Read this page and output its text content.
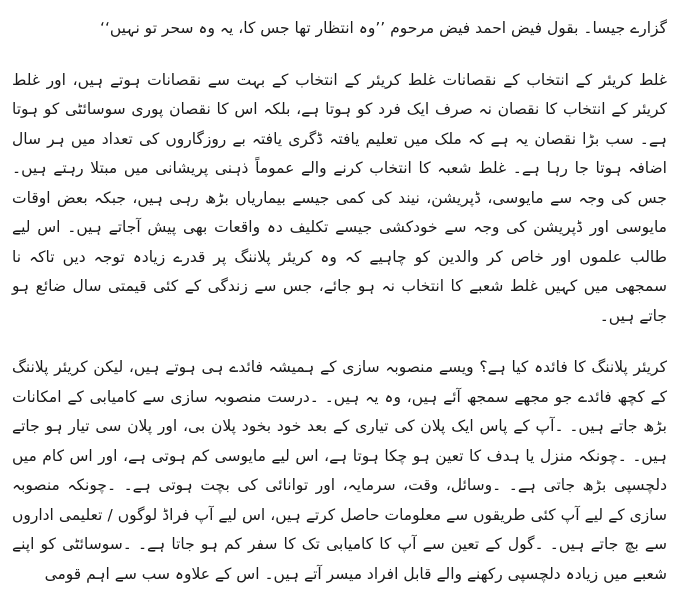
گزارے جیسا۔ بقول فیض احمد فیض مرحوم ’’وہ انتظار تھا جس کا، یہ وہ سحر تو نہیں‘‘

غلط کریئر کے انتخاب کے نقصانات غلط کریئر کے انتخاب کے بہت سے نقصانات ہوتے ہیں، اور غلط کریئر کے انتخاب کا نقصان نہ صرف ایک فرد کو ہوتا ہے، بلکہ اس کا نقصان پوری سوسائٹی کو ہوتا ہے۔ سب بڑا نقصان یہ ہے کہ ملک میں تعلیم یافتہ ڈگری یافتہ بے روزگاروں کی تعداد میں ہر سال اضافہ ہوتا جا رہا ہے۔ غلط شعبہ کا انتخاب کرنے والے عموماً ذہنی پریشانی میں مبتلا رہتے ہیں۔ جس کی وجہ سے مایوسی، ڈپریشن، نیند کی کمی جیسے بیماریاں بڑھ رہی ہیں، جبکہ بعض اوقات مایوسی اور ڈپریشن کی وجہ سے خودکشی جیسے تکلیف دہ واقعات بھی پیش آجاتے ہیں۔ اس لیے طالب علموں اور خاص کر والدین کو چاہیے کہ وہ کریئر پلاننگ پر قدرے زیادہ توجہ دیں تاکہ نا سمجھی میں کہیں غلط شعبے کا انتخاب نہ ہو جائے، جس سے زندگی کے کئی قیمتی سال ضائع ہو جاتے ہیں۔

کریئر پلاننگ کا فائدہ کیا ہے؟ ویسے منصوبہ سازی کے ہمیشہ فائدے ہی ہوتے ہیں، لیکن کریئر پلاننگ کے کچھ فائدے جو مجھے سمجھ آئے ہیں، وہ یہ ہیں۔ ۔درست منصوبہ سازی سے کامیابی کے امکانات بڑھ جاتے ہیں۔ ۔آپ کے پاس ایک پلان کی تیاری کے بعد خود بخود پلان بی، اور پلان سی تیار ہو جاتے ہیں۔ ۔چونکہ منزل یا ہدف کا تعین ہو چکا ہوتا ہے، اس لیے مایوسی کم ہوتی ہے، اور اس کام میں دلچسپی بڑھ جاتی ہے۔ ۔وسائل، وقت، سرمایہ، اور توانائی کی بچت ہوتی ہے۔ ۔چونکہ منصوبہ سازی کے لیے آپ کئی طریقوں سے معلومات حاصل کرتے ہیں، اس لیے آپ فراڈ لوگوں / تعلیمی اداروں سے بچ جاتے ہیں۔ ۔گول کے تعین سے آپ کا کامیابی تک کا سفر کم ہو جاتا ہے۔ ۔سوسائٹی کو اپنے شعبے میں زیادہ دلچسپی رکھنے والے قابل افراد میسر آتے ہیں۔ اس کے علاوہ سب سے اہم قومی
